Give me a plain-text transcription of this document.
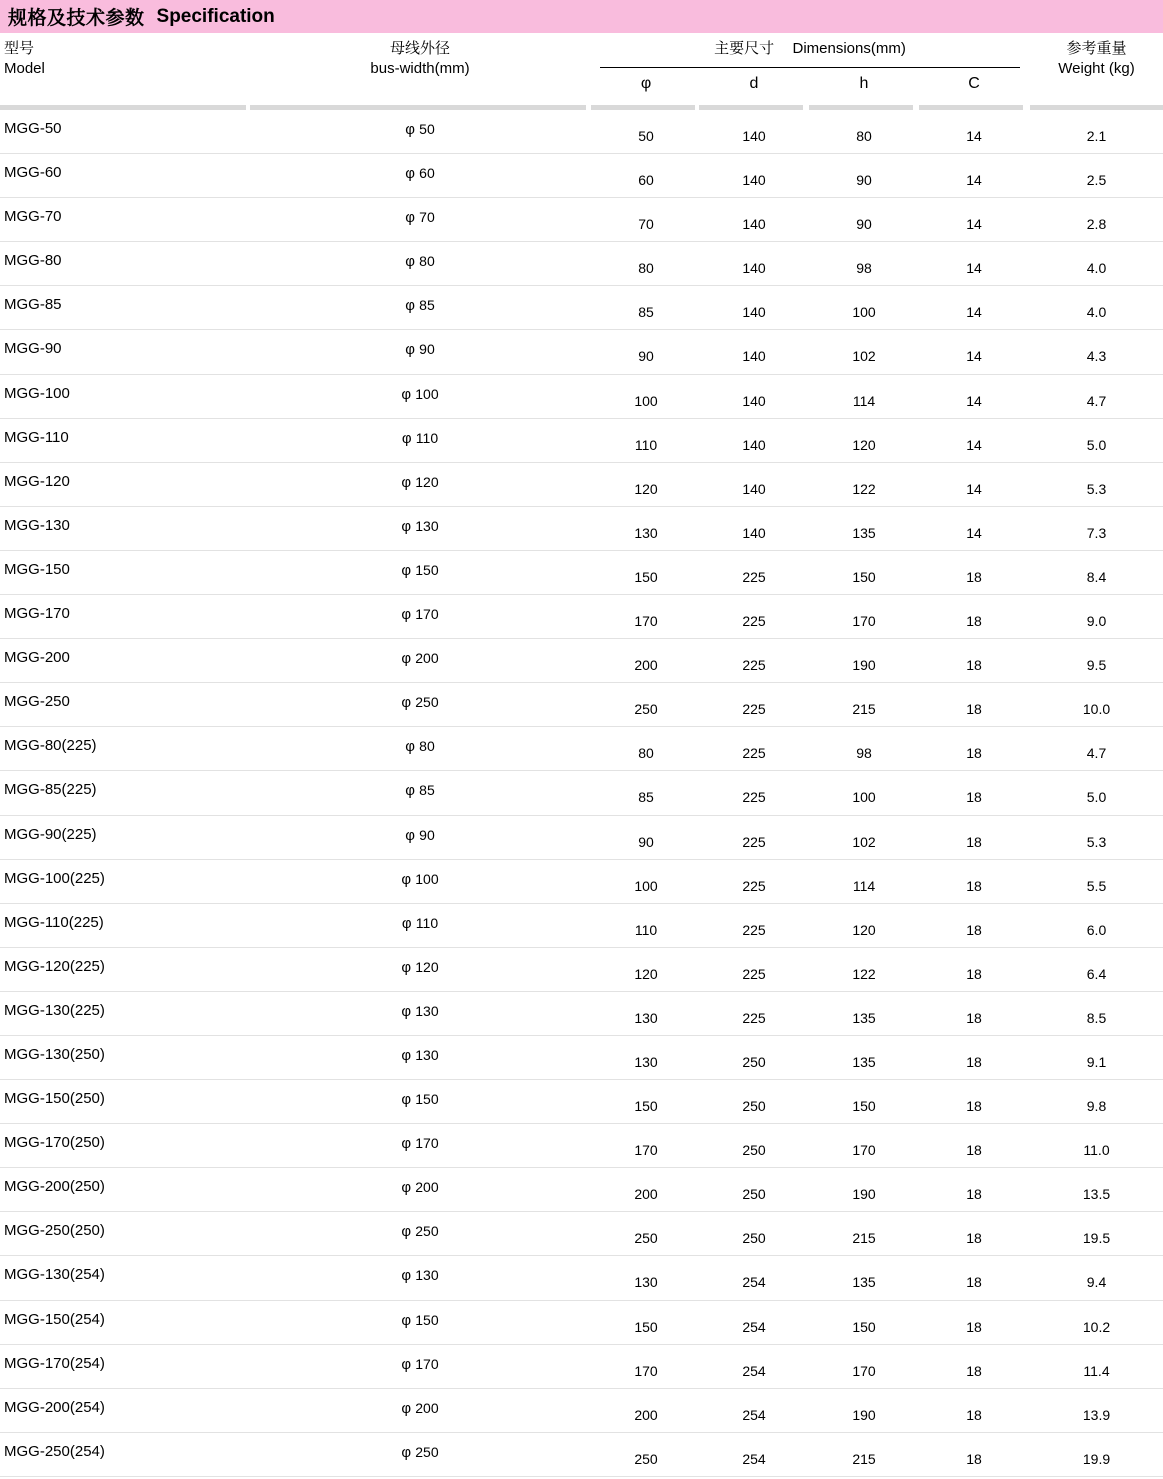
规格及技术参数 Specification
型号
Model
母线外径
bus-width(mm)
主要尺寸 Dimensions(mm)
φ	d	h	C
参考重量
Weight (kg)
MGG-50	φ 50	50	140	80	14	2.1
MGG-60	φ 60	60	140	90	14	2.5
MGG-70	φ 70	70	140	90	14	2.8
MGG-80	φ 80	80	140	98	14	4.0
MGG-85	φ 85	85	140	100	14	4.0
MGG-90	φ 90	90	140	102	14	4.3
MGG-100	φ 100	100	140	114	14	4.7
MGG-110	φ 110	110	140	120	14	5.0
MGG-120	φ 120	120	140	122	14	5.3
MGG-130	φ 130	130	140	135	14	7.3
MGG-150	φ 150	150	225	150	18	8.4
MGG-170	φ 170	170	225	170	18	9.0
MGG-200	φ 200	200	225	190	18	9.5
MGG-250	φ 250	250	225	215	18	10.0
MGG-80(225)	φ 80	80	225	98	18	4.7
MGG-85(225)	φ 85	85	225	100	18	5.0
MGG-90(225)	φ 90	90	225	102	18	5.3
MGG-100(225)	φ 100	100	225	114	18	5.5
MGG-110(225)	φ 110	110	225	120	18	6.0
MGG-120(225)	φ 120	120	225	122	18	6.4
MGG-130(225)	φ 130	130	225	135	18	8.5
MGG-130(250)	φ 130	130	250	135	18	9.1
MGG-150(250)	φ 150	150	250	150	18	9.8
MGG-170(250)	φ 170	170	250	170	18	11.0
MGG-200(250)	φ 200	200	250	190	18	13.5
MGG-250(250)	φ 250	250	250	215	18	19.5
MGG-130(254)	φ 130	130	254	135	18	9.4
MGG-150(254)	φ 150	150	254	150	18	10.2
MGG-170(254)	φ 170	170	254	170	18	11.4
MGG-200(254)	φ 200	200	254	190	18	13.9
MGG-250(254)	φ 250	250	254	215	18	19.9
